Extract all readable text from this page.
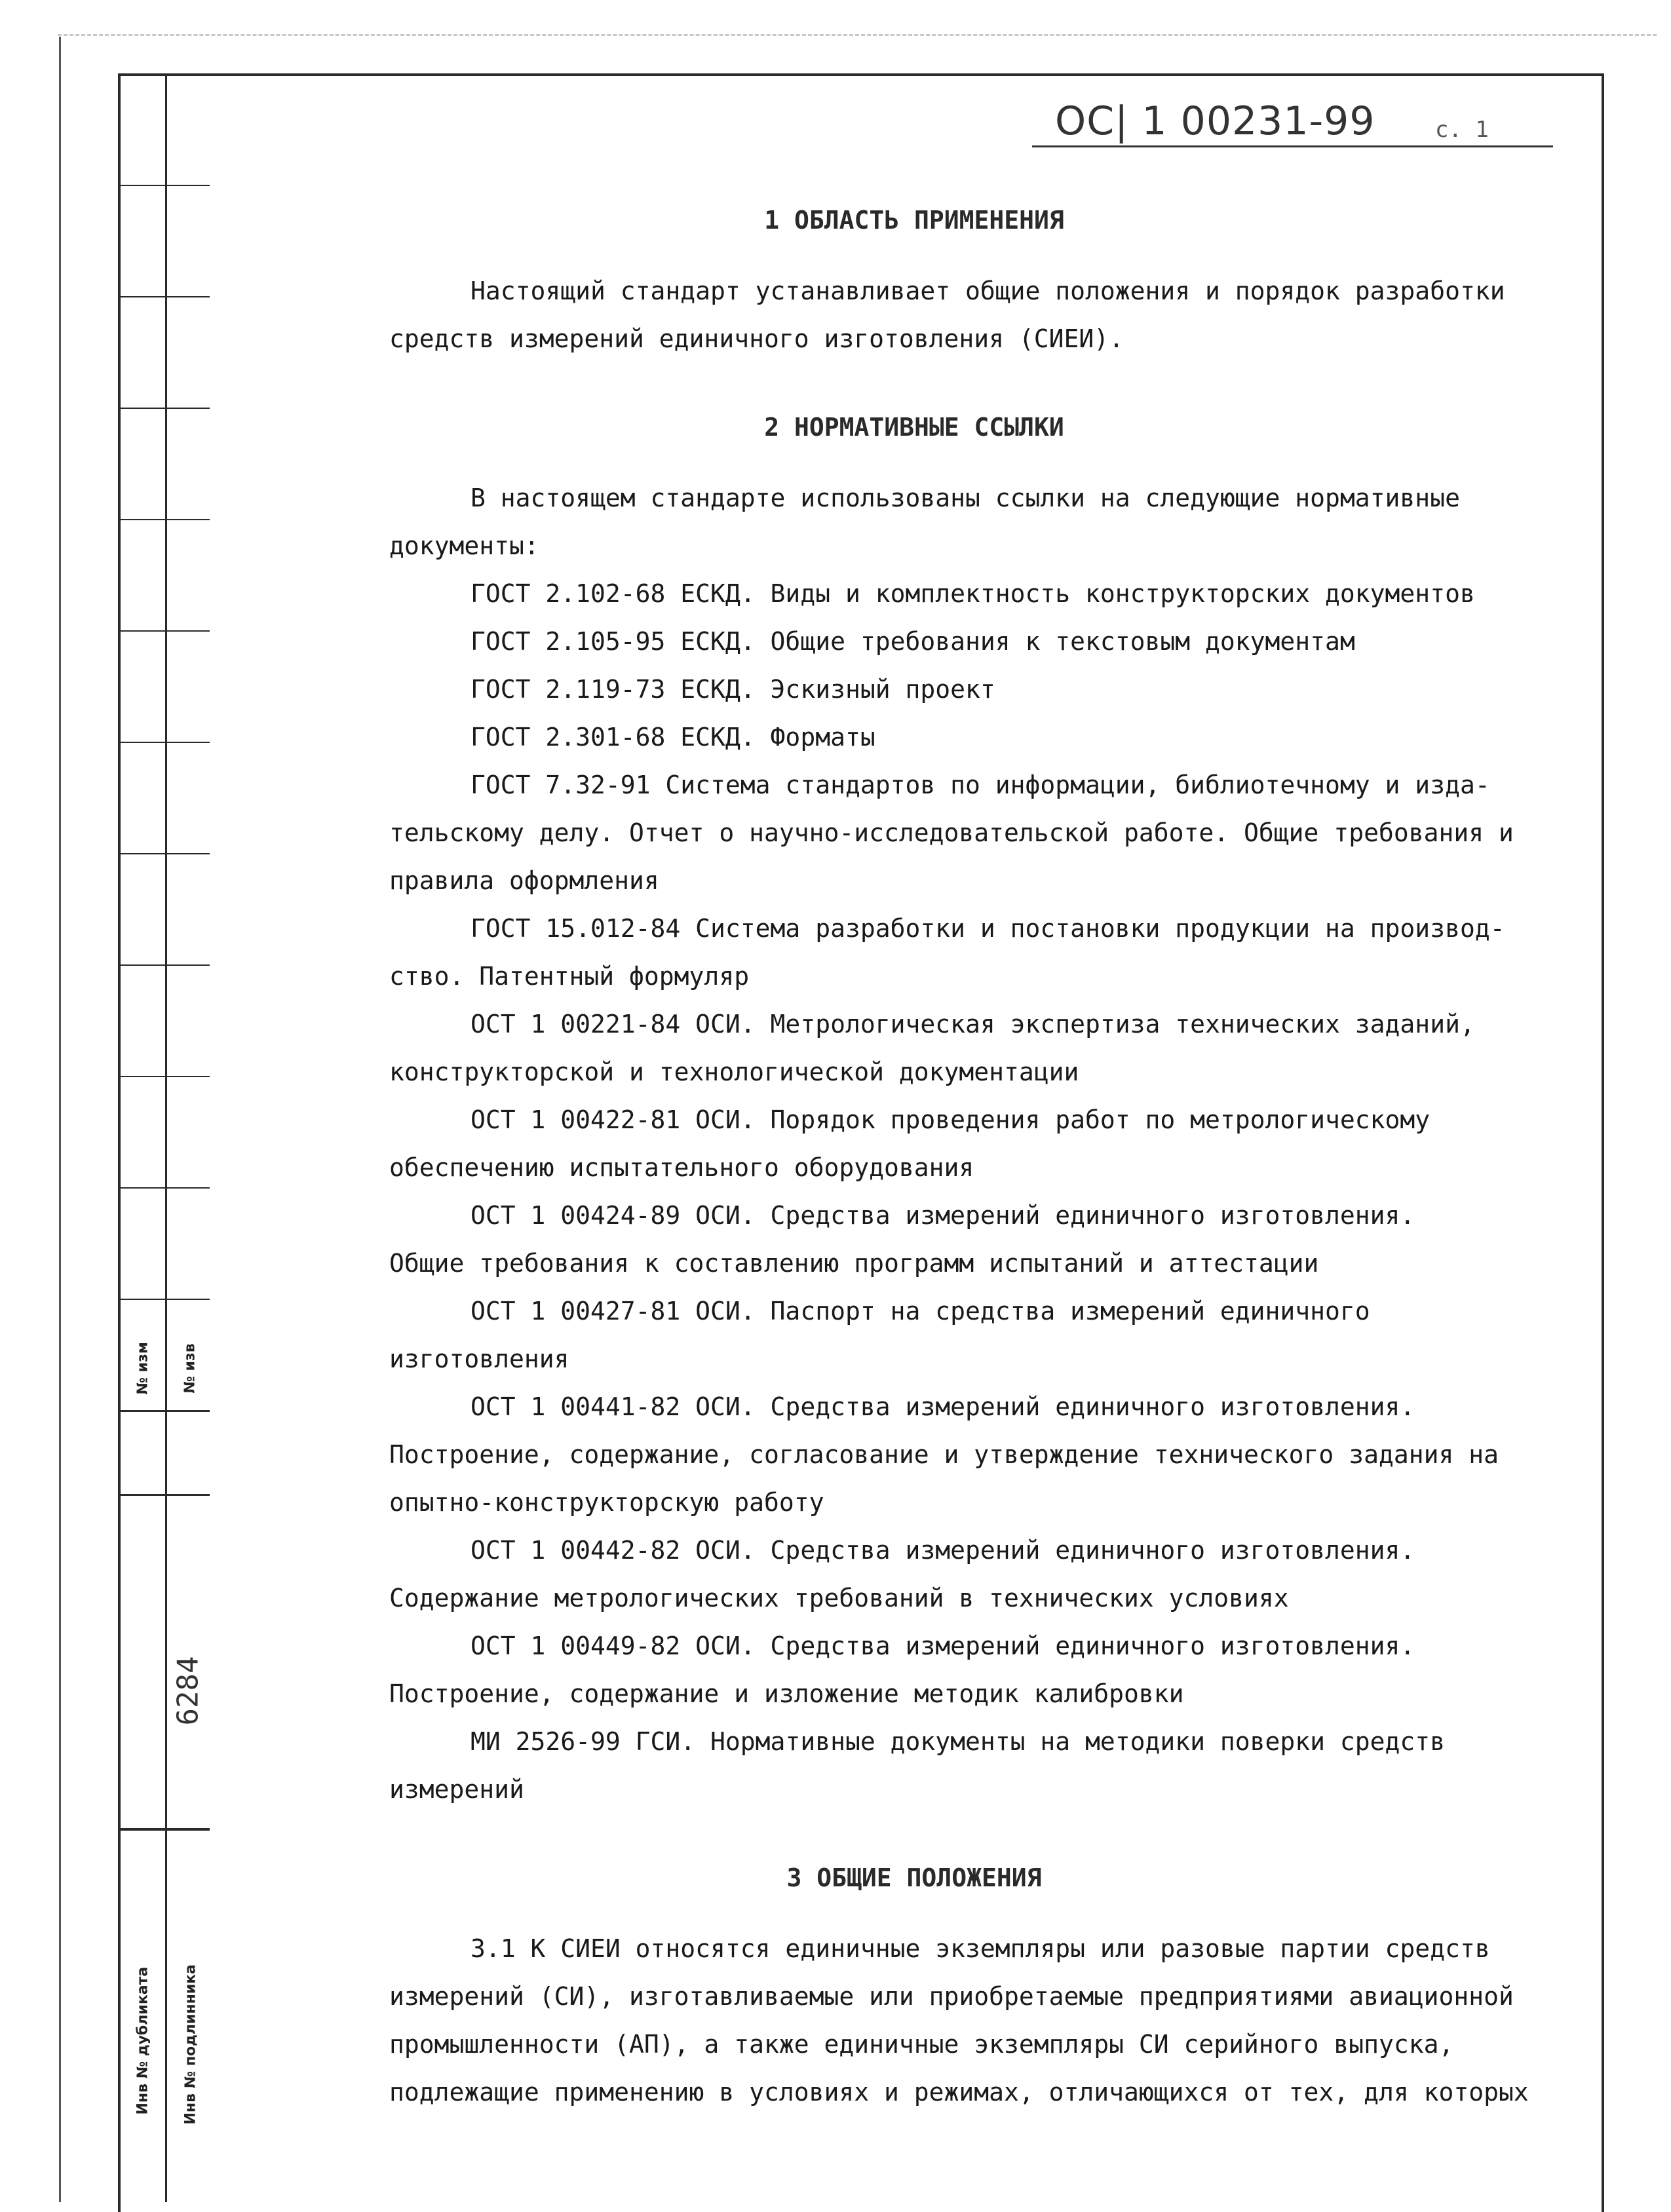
№ изм № изв
6284
Инв № дубликата Инв № подлинника
ОС| 1 00231-99	с. 1
1 ОБЛАСТЬ ПРИМЕНЕНИЯ

Настоящий стандарт устанавливает общие положения и порядок разработки
средств измерений единичного изготовления (СИЕИ).

2 НОРМАТИВНЫЕ ССЫЛКИ

В настоящем стандарте использованы ссылки на следующие нормативные
документы:
ГОСТ 2.102-68 ЕСКД. Виды и комплектность конструкторских документов
ГОСТ 2.105-95 ЕСКД. Общие требования к текстовым документам
ГОСТ 2.119-73 ЕСКД. Эскизный проект
ГОСТ 2.301-68 ЕСКД. Форматы
ГОСТ 7.32-91 Система стандартов по информации, библиотечному и изда-
тельскому делу. Отчет о научно-исследовательской работе. Общие требования и
правила оформления
ГОСТ 15.012-84 Система разработки и постановки продукции на производ-
ство. Патентный формуляр
ОСТ 1 00221-84 ОСИ. Метрологическая экспертиза технических заданий,
конструкторской и технологической документации
ОСТ 1 00422-81 ОСИ. Порядок проведения работ по метрологическому
обеспечению испытательного оборудования
ОСТ 1 00424-89 ОСИ. Средства измерений единичного изготовления.
Общие требования к составлению программ испытаний и аттестации
ОСТ 1 00427-81 ОСИ. Паспорт на средства измерений единичного
изготовления
ОСТ 1 00441-82 ОСИ. Средства измерений единичного изготовления.
Построение, содержание, согласование и утверждение технического задания на
опытно-конструкторскую работу
ОСТ 1 00442-82 ОСИ. Средства измерений единичного изготовления.
Содержание метрологических требований в технических условиях
ОСТ 1 00449-82 ОСИ. Средства измерений единичного изготовления.
Построение, содержание и изложение методик калибровки
МИ 2526-99 ГСИ. Нормативные документы на методики поверки средств
измерений

3 ОБЩИЕ ПОЛОЖЕНИЯ

3.1 К СИЕИ относятся единичные экземпляры или разовые партии средств
измерений (СИ), изготавливаемые или приобретаемые предприятиями авиационной
промышленности (АП), а также единичные экземпляры СИ серийного выпуска,
подлежащие применению в условиях и режимах, отличающихся от тех, для которых
